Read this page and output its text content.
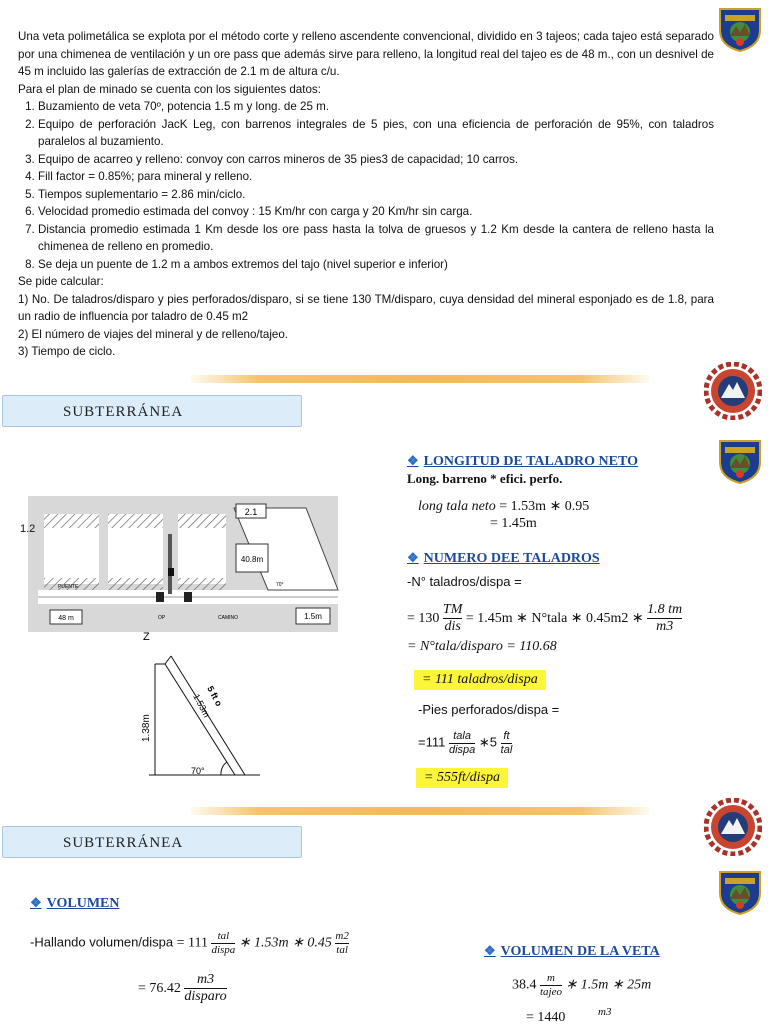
Una veta polimetálica se explota por el método corte y relleno ascendente convencional, dividido en 3 tajeos; cada tajeo está separado por una chimenea de ventilación y un ore pass que además sirve para relleno, la longitud real del tajeo es de 48 m., con un desnivel de 45 m incluido las galerías de extracción de 2.1 m de altura c/u.

Para el plan de minado se cuenta con los siguientes datos:

1. Buzamiento de veta 70º, potencia 1.5 m y long. de 25 m.
2. Equipo de perforación JacK Leg, con barrenos integrales de 5 pies, con una eficiencia de perforación de 95%, con taladros paralelos al buzamiento.
3. Equipo de acarreo y relleno: convoy con carros mineros de 35 pies3 de capacidad; 10 carros.
4. Fill factor = 0.85%; para mineral y relleno.
5. Tiempos suplementario = 2.86 min/ciclo.
6. Velocidad promedio estimada del convoy : 15 Km/hr con carga y 20 Km/hr sin carga.
7. Distancia promedio estimada 1 Km desde los ore pass hasta la tolva de gruesos y 1.2 Km desde la cantera de relleno hasta la chimenea de relleno en promedio.
8. Se deja un puente de 1.2 m a ambos extremos del tajo (nivel superior e inferior)

Se pide calcular:

1) No. De taladros/disparo y pies perforados/disparo, si se tiene 130 TM/disparo, cuya densidad del mineral esponjado es de 1.8, para un radio de influencia por taladro de 0.45 m2

2) El número de viajes del mineral y de relleno/tajeo.

3) Tiempo de ciclo.

SUBTERRÁNEA
SUBTERRÁNEA
2.1
40.8m
48 m	1.5m
70°
CAMINO
OP
PUENTE
1.2
Z
1.38m
5 ft o
1.53m
70°
❖ LONGITUD DE TALADRO NETO
Long. barreno * efici. perfo.
long tala neto = 1.53m ∗ 0.95
= 1.45m
❖ NUMERO DEE TALADROS
-N° taladros/dispa =
= $130 \frac{TM}{\text{dis}} = 1.45m$ ∗ N°tala ∗ 0.45m2 ∗ $\frac{1.8 tm}{m3}$
= N°tala/disparo = 110.68
= 111 taladros/dispa
-Pies perforados/dispa =
$=111 \frac{\text{tala}}{\text{dispa}}$ ∗5 $\frac{ft}{\text{tal}}$
= 555ft/dispa
❖ VOLUMEN
-Hallando volumen/dispa = $111 \frac{\text{tal}}{\text{dispa}}$ ∗ 1.53m ∗ $0.45 \frac{m2}{\text{tal}}$
= $76.42 \frac{m3}{\text{disparo}}$
❖ VOLUMEN DE LA VETA
$38.4 \frac{m}{\text{tajeo}}$ ∗ 1.5m ∗ 25m
= 1440	m3
